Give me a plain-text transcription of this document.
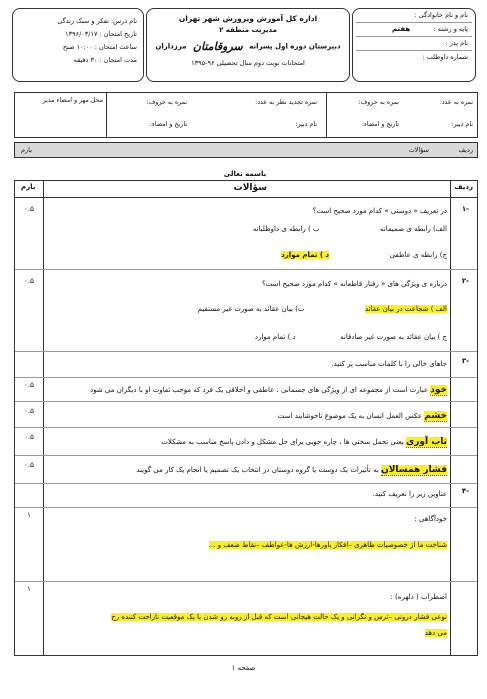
نام و نام خانوادگی :
پایه و رشته :
هفتم
نام پدر :
شماره داوطلب :
اداره کل آموزش وپرورش شهر تهران
مدیریت منطقه ۲
دبیرستان دوره اول پسرانه سروقامتان مرزداران
امتحانات نوبت دوم سال تحصیلی ۹۶-۱۳۹۵
نام درس: تفکر و سبک زندگی
تاریخ امتحان : ۱۳۹۶/۰۳/۱۷
ساعت امتحان : ۱۰:۰۰ صبح
مدت امتحان : ۳۰ دقیقه
نمره به عدد:
نمره به حروف:
نام دبیر:
تاریخ و امضاء:
نمره تجدید نظر به عدد:
نمره به حروف:
نام دبیر:
تاریخ و امضاء:
محل مهر و امضاء مدیر
ردیف
سؤالات
بارم
باسمه تعالی
ردیف
سؤالات
بارم
-۱
۰.۵	در تعریف « دوستی » کدام مورد صحیح است؟
الف) رابطه ی صمیمانه  ب ) رابطه ی داوطلبانه
ج) رابطه ی عاطفی  د ) تمام موارد
-۲
۰.۵	درباره ی ویژگی های « رفتار قاطعانه » کدام مورد صحیح است؟
الف ) شجاعت در بیان عقائد  ب) بیان عقائد به صورت غیر مستقیم
ج ) بیان عقائد به صورت غیر صادقانه  د ) تمام موارد
-۳
جاهای خالی را با کلمات مناسب پر کنید.
۰.۵	خود عبارت است از مجموعه ای از ویژگی های جسمانی ، عاطفی و اخلاقی یک فرد که موجب تفاوت او با دیگران می شود
۰.۵	خشم عکس العمل انسان به یک موضوع ناخوشایند است
۰.۵	تاب آوری یعنی تحمل سختی ها ، چاره جویی برای حل مشکل و دادن پاسخ مناسب به مشکلات
۰.۵	فشار همسالان به تأثیرات یک دوست یا گروه دوستان در انتخاب یک تصمیم یا انجام یک کار می گویند
-۴
عناوین زیر را تعریف کنید.
۱	خودآگاهی :
شناخت ما از خصوصیات ظاهری –افکار باورها-ارزش ها-عواطف –نقاط ضعف و ...
۱
اضطراب ( دلهره) :
نوعی فشار درونی –ترس و نگرانی و یک حالت هیجانی است که قبل از روبه رو شدن با یک موقعیت ناراحت کننده رخ
می دهد
صفحه ۱
